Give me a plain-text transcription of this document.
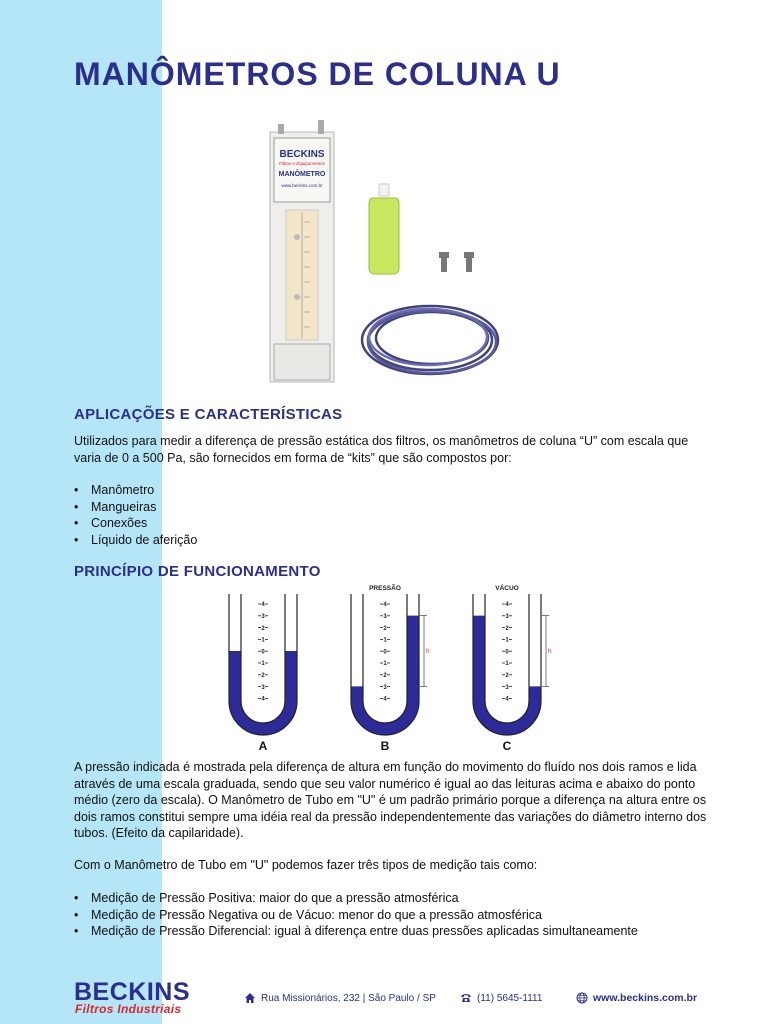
MANÔMETROS DE COLUNA U
BECKINS
Filtros e Equipamentos
MANÔMETRO
www.beckins.com.br
APLICAÇÕES E CARACTERÍSTICAS

Utilizados para medir a diferença de pressão estática dos filtros, os manômetros de coluna “U” com escala que varia de 0 a 500 Pa, são fornecidos em forma de “kits” que são compostos por:

• Manômetro
• Mangueiras
• Conexões
• Líquido de aferição
PRINCÍPIO DE FUNCIONAMENTO
4
3
2
1
0
1
2
3
4
A
4
3
2
1
0
1
2
3
4
PRESSÃO
h
B
4
3
2
1
0
1
2
3
4
VÁCUO
h
C

A pressão indicada é mostrada pela diferença de altura em função do movimento do fluído nos dois ramos e lida através de uma escala graduada, sendo que seu valor numérico é igual ao das leituras acima e abaixo do ponto médio (zero da escala). O Manômetro de Tubo em "U" é um padrão primário porque a diferença na altura entre os dois ramos constitui sempre uma idéia real da pressão independentemente das variações do diâmetro interno dos tubos. (Efeito da capilaridade).

Com o Manômetro de Tubo em "U" podemos fazer três tipos de medição tais como:

• Medição de Pressão Positiva: maior do que a pressão atmosférica
• Medição de Pressão Negativa ou de Vácuo: menor do que a pressão atmosférica
• Medição de Pressão Diferencial: igual à diferença entre duas pressões aplicadas simultaneamente
BECKINS
Filtros Industriais
Rua Missionários, 232 | São Paulo / SP	(11) 5645-1111	www.beckins.com.br
